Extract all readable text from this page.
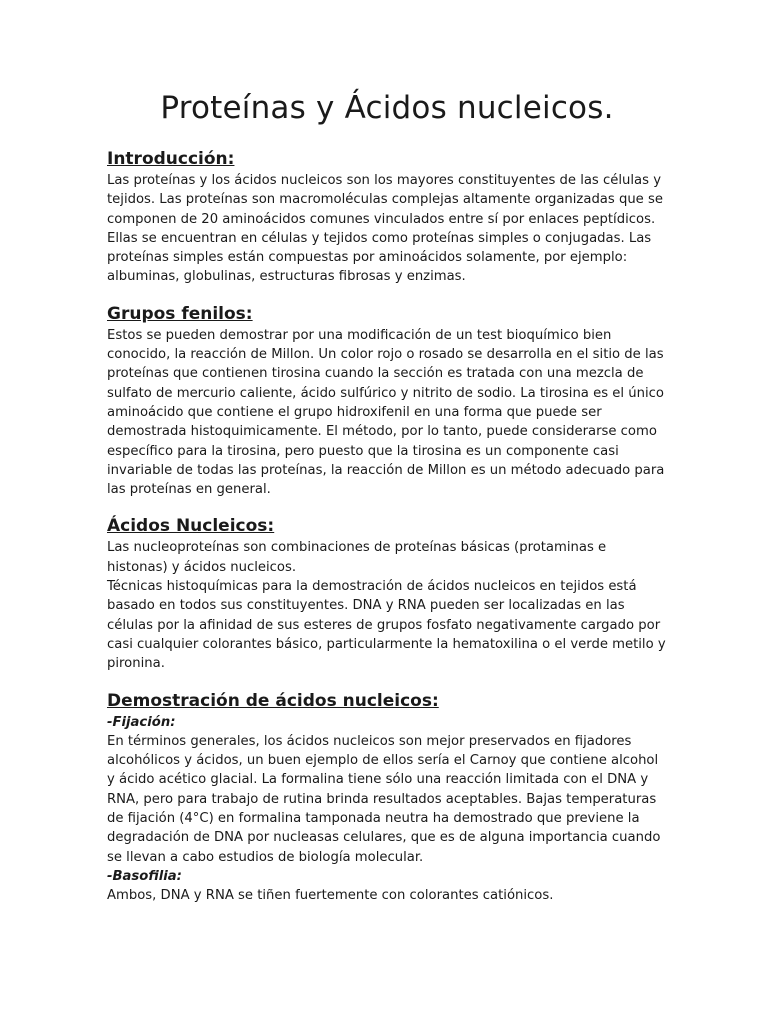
Proteínas y Ácidos nucleicos.
Introducción:

Las proteínas y los ácidos nucleicos son los mayores constituyentes de las células y tejidos. Las proteínas son macromoléculas complejas altamente organizadas que se componen de 20 aminoácidos comunes vinculados entre sí por enlaces peptídicos. Ellas se encuentran en células y tejidos como proteínas simples o conjugadas. Las proteínas simples están compuestas por aminoácidos solamente, por ejemplo: albuminas, globulinas, estructuras fibrosas y enzimas.

Grupos fenilos:

Estos se pueden demostrar por una modificación de un test bioquímico bien conocido, la reacción de Millon. Un color rojo o rosado se desarrolla en el sitio de las proteínas que contienen tirosina cuando la sección es tratada con una mezcla de sulfato de mercurio caliente, ácido sulfúrico y nitrito de sodio. La tirosina es el único aminoácido que contiene el grupo hidroxifenil en una forma que puede ser demostrada histoquimicamente. El método, por lo tanto, puede considerarse como específico para la tirosina, pero puesto que la tirosina es un componente casi invariable de todas las proteínas, la reacción de Millon es un método adecuado para las proteínas en general.

Ácidos Nucleicos:

Las nucleoproteínas son combinaciones de proteínas básicas (protaminas e histonas) y ácidos nucleicos.

Técnicas histoquímicas para la demostración de ácidos nucleicos en tejidos está basado en todos sus constituyentes. DNA y RNA pueden ser localizadas en las células por la afinidad de sus esteres de grupos fosfato negativamente cargado por casi cualquier colorantes básico, particularmente la hematoxilina o el verde metilo y pironina.

Demostración de ácidos nucleicos:

-Fijación:

En términos generales, los ácidos nucleicos son mejor preservados en fijadores alcohólicos y ácidos, un buen ejemplo de ellos sería el Carnoy que contiene alcohol y ácido acético glacial. La formalina tiene sólo una reacción limitada con el DNA y RNA, pero para trabajo de rutina brinda resultados aceptables. Bajas temperaturas de fijación (4°C) en formalina tamponada neutra ha demostrado que previene la degradación de DNA por nucleasas celulares, que es de alguna importancia cuando se llevan a cabo estudios de biología molecular.

-Basofilia:

Ambos, DNA y RNA se tiñen fuertemente con colorantes catiónicos.
